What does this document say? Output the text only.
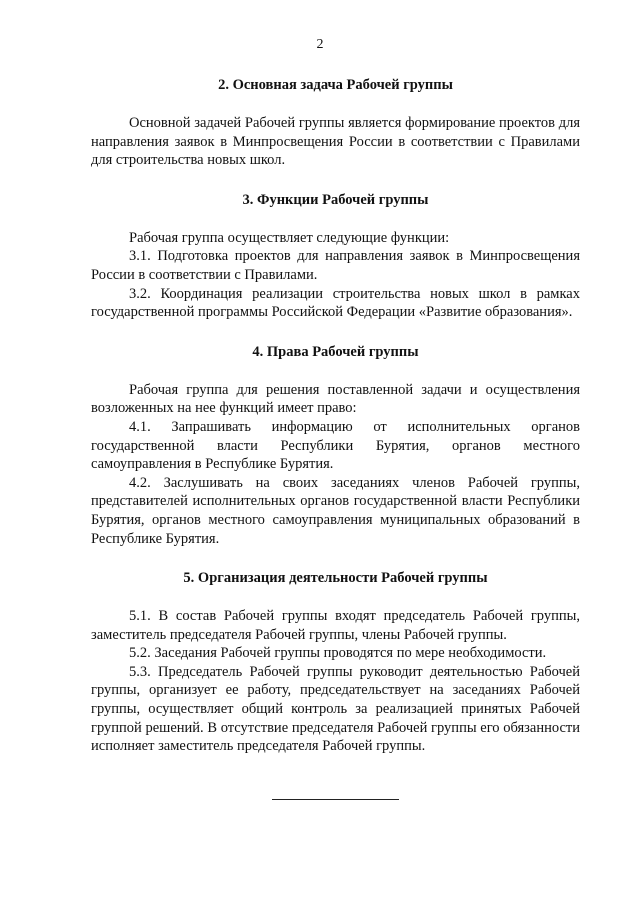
2
2. Основная задача Рабочей группы

Основной задачей Рабочей группы является формирование проектов для направления заявок в Минпросвещения России в соответствии с Правилами для строительства новых школ.

3. Функции Рабочей группы

Рабочая группа осуществляет следующие функции:

3.1. Подготовка проектов для направления заявок в Минпросвещения России в соответствии с Правилами.

3.2. Координация реализации строительства новых школ в рамках государственной программы Российской Федерации «Развитие образования».

4. Права Рабочей группы

Рабочая группа для решения поставленной задачи и осуществления возложенных на нее функций имеет право:

4.1. Запрашивать информацию от исполнительных органов государственной власти Республики Бурятия, органов местного самоуправления в Республике Бурятия.

4.2. Заслушивать на своих заседаниях членов Рабочей группы, представителей исполнительных органов государственной власти Республики Бурятия, органов местного самоуправления муниципальных образований в Республике Бурятия.

5. Организация деятельности Рабочей группы

5.1. В состав Рабочей группы входят председатель Рабочей группы, заместитель председателя Рабочей группы, члены Рабочей группы.

5.2. Заседания Рабочей группы проводятся по мере необходимости.

5.3. Председатель Рабочей группы руководит деятельностью Рабочей группы, организует ее работу, председательствует на заседаниях Рабочей группы, осуществляет общий контроль за реализацией принятых Рабочей группой решений. В отсутствие председателя Рабочей группы его обязанности исполняет заместитель председателя Рабочей группы.
